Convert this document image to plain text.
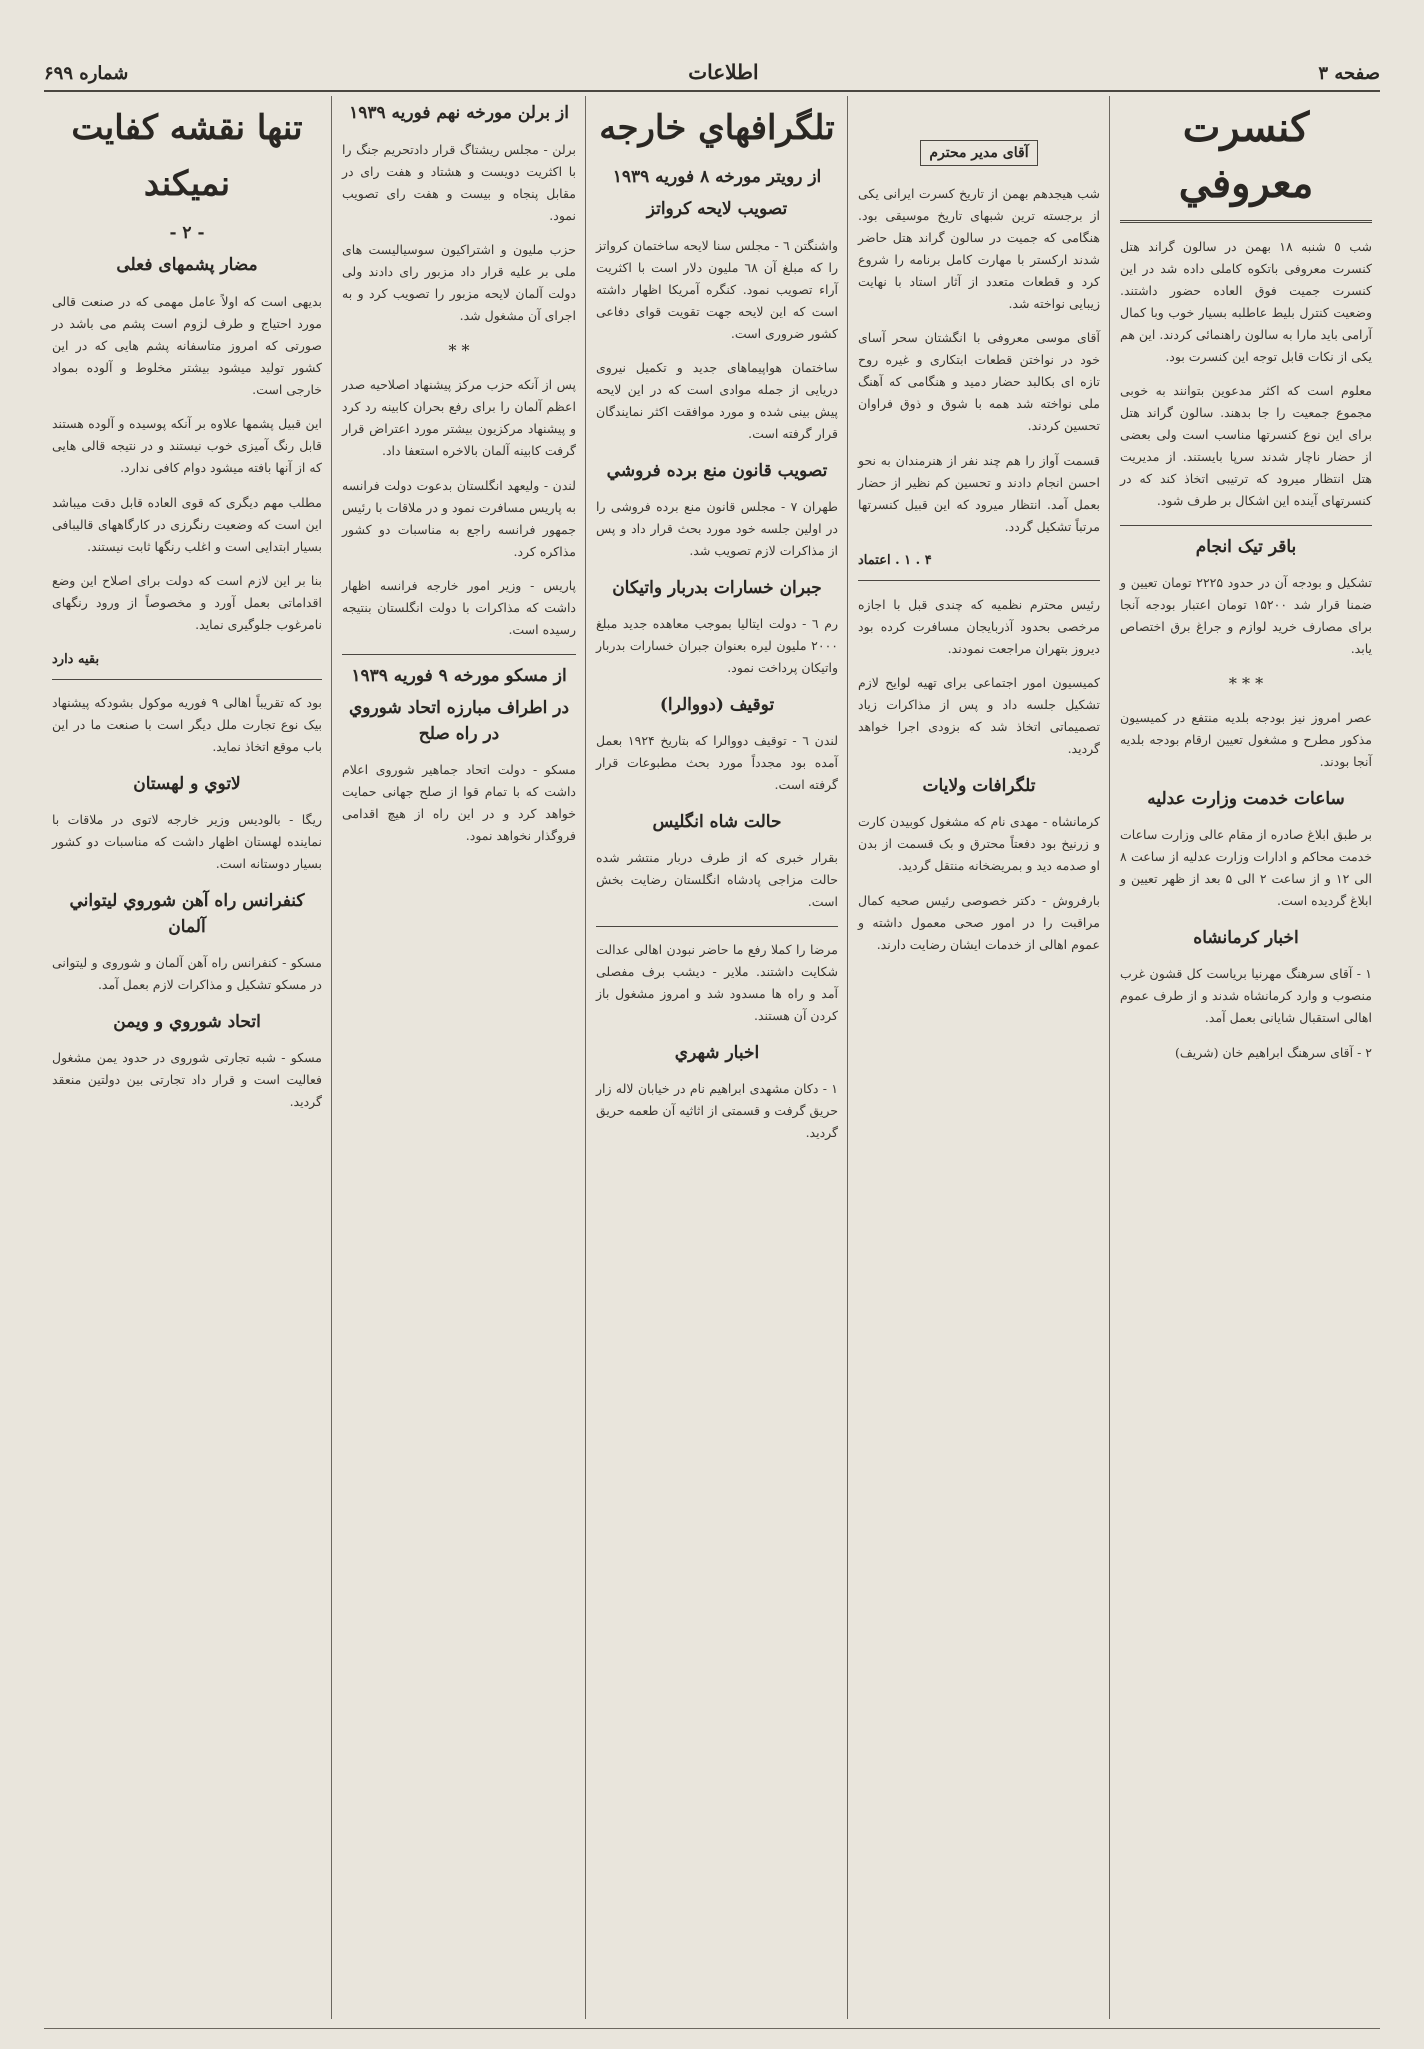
صفحه ۳
اطلاعات
شماره ۶۹۹
کنسرت معروفي

شب ٥ شنبه ١٨ بهمن در سالون گراند هتل کنسرت معروفی باتکوه کاملی داده شد در این کنسرت جمیت فوق العاده حضور داشتند. وضعیت کنترل بلیط عاطلبه بسیار خوب وبا کمال آرامی باید مارا به سالون راهنمائی کردند. این هم یکی از نکات قابل توجه این کنسرت بود.

معلوم است که اکثر مدعوین بتوانند به خوبی مجموع جمعیت را جا بدهند. سالون گراند هتل برای این نوع کنسرتها مناسب است ولی بعضی از حضار ناچار شدند سرپا بایستند. از مدیریت هتل انتظار میرود که ترتیبی اتخاذ کند که در کنسرتهای آینده این اشکال بر طرف شود.

باقر تیک انجام

تشکیل و بودجه آن در حدود ۲۲۲۵ تومان تعیین و ضمنا قرار شد ۱۵۲۰۰ تومان اعتبار بودجه آنجا برای مصارف خرید لوازم و جراغ برق اختصاص یابد.

* * *

عصر امروز نیز بودجه بلدیه منتفع در کمیسیون مذکور مطرح و مشغول تعیین ارقام بودجه بلدیه آنجا بودند.

ساعات خدمت وزارت عدلیه

بر طبق ابلاغ صادره از مقام عالی وزارت ساعات خدمت محاکم و ادارات وزارت عدلیه از ساعت ۸ الی ۱۲ و از ساعت ۲ الی ۵ بعد از ظهر تعیین و ابلاغ گردیده است.

اخبار کرمانشاه

۱ - آقای سرهنگ مهرنیا بریاست کل قشون غرب منصوب و وارد کرمانشاه شدند و از طرف عموم اهالی استقبال شایانی بعمل آمد.

۲ - آقای سرهنگ ابراهیم خان (شریف)

آقای مدیر محترم

شب هیجدهم بهمن از تاریخ کسرت ایرانی یکی از برجسته ترین شبهای تاریخ موسیقی بود. هنگامی که جمیت در سالون گراند هتل حاضر شدند ارکستر با مهارت کامل برنامه را شروع کرد و قطعات متعدد از آثار استاد با نهایت زیبایی نواخته شد.

آقای موسی معروفی با انگشتان سحر آسای خود در نواختن قطعات ابتکاری و غیره روح تازه ای بکالبد حضار دمید و هنگامی که آهنگ ملی نواخته شد همه با شوق و ذوق فراوان تحسین کردند.

قسمت آواز را هم چند نفر از هنرمندان به نحو احسن انجام دادند و تحسین کم نظیر از حضار بعمل آمد. انتظار میرود که این قبیل کنسرتها مرتباً تشکیل گردد.

۴ . ۱ . اعتماد

رئیس محترم نظمیه که چندی قبل با اجازه مرخصی بحدود آذربایجان مسافرت کرده بود دیروز بتهران مراجعت نمودند.

کمیسیون امور اجتماعی برای تهیه لوایح لازم تشکیل جلسه داد و پس از مذاکرات زیاد تصمیماتی اتخاذ شد که بزودی اجرا خواهد گردید.

تلگرافات ولايات

کرمانشاه - مهدی نام که مشغول کوبیدن کارت و زرنیخ بود دفعتاً محترق و بک قسمت از بدن او صدمه دید و بمریضخانه منتقل گردید.

بارفروش - دکتر خصوصی رئیس صحیه کمال مراقبت را در امور صحی معمول داشته و عموم اهالی از خدمات ایشان رضایت دارند.

تلگرافهاي خارجه
از رويتر مورخه ٨ فوريه ١٩٣٩
تصويب لايحه كرواتز

واشنگتن ٦ - مجلس سنا لایحه ساختمان کرواتز را که مبلغ آن ٦٨ ملیون دلار است با اکثریت آراء تصویب نمود. کنگره آمریکا اظهار داشته است که این لایحه جهت تقویت قوای دفاعی کشور ضروری است.

ساختمان هواپیماهای جدید و تکمیل نیروی دریایی از جمله موادی است که در این لایحه پیش بینی شده و مورد موافقت اکثر نمایندگان قرار گرفته است.

تصويب قانون منع برده فروشي

طهران ٧ - مجلس قانون منع برده فروشی را در اولین جلسه خود مورد بحث قرار داد و پس از مذاکرات لازم تصویب شد.

جبران خسارات بدربار واتيكان

رم ٦ - دولت ایتالیا بموجب معاهده جدید مبلغ ۲۰۰۰ ملیون لیره بعنوان جبران خسارات بدربار واتیکان پرداخت نمود.

توقيف (دووالرا)

لندن ٦ - توقیف دووالرا که بتاریخ ۱۹۲۴ بعمل آمده بود مجدداً مورد بحث مطبوعات قرار گرفته است.

حالت شاه انگليس

بقرار خبری که از طرف دربار منتشر شده حالت مزاجی پادشاه انگلستان رضایت بخش است.

مرضا را کملا رفع ما حاضر نبودن اهالی عدالت شکایت داشتند. ملایر - دیشب برف مفصلی آمد و راه ها مسدود شد و امروز مشغول باز کردن آن هستند.

اخبار شهري

۱ - دکان مشهدی ابراهیم نام در خیابان لاله زار حریق گرفت و قسمتی از اثاثیه آن طعمه حریق گردید.

از برلن مورخه نهم فوريه ١٩٣٩

برلن - مجلس ریشتاگ قرار دادتحریم جنگ را با اکثریت دویست و هشتاد و هفت رای در مقابل پنجاه و بیست و هفت رای تصویب نمود.

حزب ملیون و اشتراکیون سوسیالیست های ملی بر علیه قرار داد مزبور رای دادند ولی دولت آلمان لایحه مزبور را تصویب کرد و به اجرای آن مشغول شد.

* *

پس از آنکه حزب مرکز پیشنهاد اصلاحیه صدر اعظم آلمان را برای رفع بحران کابینه رد کرد و پیشنهاد مرکزیون بیشتر مورد اعتراض قرار گرفت کابینه آلمان بالاخره استعفا داد.

لندن - ولیعهد انگلستان بدعوت دولت فرانسه به پاریس مسافرت نمود و در ملاقات با رئیس جمهور فرانسه راجع به مناسبات دو کشور مذاکره کرد.

پاریس - وزیر امور خارجه فرانسه اظهار داشت که مذاکرات با دولت انگلستان بنتیجه رسیده است.

از مسکو مورخه ٩ فوريه ١٩٣٩
در اطراف مبارزه اتحاد شوروي در راه صلح

مسکو - دولت اتحاد جماهیر شوروی اعلام داشت که با تمام قوا از صلح جهانی حمایت خواهد کرد و در این راه از هیچ اقدامی فروگذار نخواهد نمود.

تنها نقشه كفايت نميكند
- ۲ -
مضار پشمهای فعلی

بدیهی است که اولاً عامل مهمی که در صنعت قالی مورد احتیاج و طرف لزوم است پشم می باشد در صورتی که امروز متاسفانه پشم هایی که در این کشور تولید میشود بیشتر مخلوط و آلوده بمواد خارجی است.

این قبیل پشمها علاوه بر آنکه پوسیده و آلوده هستند قابل رنگ آمیزی خوب نیستند و در نتیجه قالی هایی که از آنها بافته میشود دوام کافی ندارد.

مطلب مهم دیگری که قوی العاده قابل دقت میباشد این است که وضعیت رنگرزی در کارگاههای قالیبافی بسیار ابتدایی است و اغلب رنگها ثابت نیستند.

بنا بر این لازم است که دولت برای اصلاح این وضع اقداماتی بعمل آورد و مخصوصاً از ورود رنگهای نامرغوب جلوگیری نماید.

بقيه دارد

بود که تقریباً اهالی ۹ فوریه موکول بشودکه پیشنهاد بیک نوع تجارت ملل دیگر است با صنعت ما در این باب موقع اتخاذ نماید.

لاتوي و لهستان

ریگا - بالودیس وزیر خارجه لاتوی در ملاقات با نماینده لهستان اظهار داشت که مناسبات دو کشور بسیار دوستانه است.

كنفرانس راه آهن شوروي ليتواني آلمان

مسکو - کنفرانس راه آهن آلمان و شوروی و لیتوانی در مسکو تشکیل و مذاکرات لازم بعمل آمد.

اتحاد شوروي و ويمن

مسکو - شبه تجارتی شوروی در حدود یمن مشغول فعالیت است و قرار داد تجارتی بین دولتین منعقد گردید.
